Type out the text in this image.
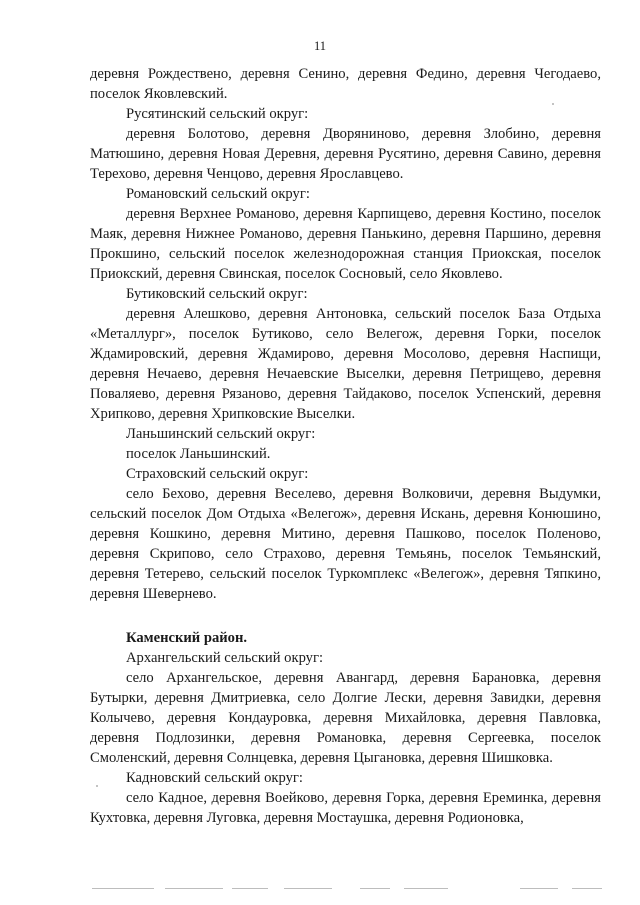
11

деревня Рождествено, деревня Сенино, деревня Федино, деревня Чегодаево, поселок Яковлевский.

Русятинский сельский округ:

деревня Болотово, деревня Дворяниново, деревня Злобино, деревня Матюшино, деревня Новая Деревня, деревня Русятино, деревня Савино, деревня Терехово, деревня Ченцово, деревня Ярославцево.

Романовский сельский округ:

деревня Верхнее Романово, деревня Карпищево, деревня Костино, поселок Маяк, деревня Нижнее Романово, деревня Панькино, деревня Паршино, деревня Прокшино, сельский поселок железнодорожная станция Приокская, поселок Приокский, деревня Свинская, поселок Сосновый, село Яковлево.

Бутиковский сельский округ:

деревня Алешково, деревня Антоновка, сельский поселок База Отдыха «Металлург», поселок Бутиково, село Велегож, деревня Горки, поселок Ждамировский, деревня Ждамирово, деревня Мосолово, деревня Наспищи, деревня Нечаево, деревня Нечаевские Выселки, деревня Петрищево, деревня Поваляево, деревня Рязаново, деревня Тайдаково, поселок Успенский, деревня Хрипково, деревня Хрипковские Выселки.

Ланьшинский сельский округ:

поселок Ланьшинский.

Страховский сельский округ:

село Бехово, деревня Веселево, деревня Волковичи, деревня Выдумки, сельский поселок Дом Отдыха «Велегож», деревня Искань, деревня Конюшино, деревня Кошкино, деревня Митино, деревня Пашково, поселок Поленово, деревня Скрипово, село Страхово, деревня Темьянь, поселок Темьянский, деревня Тетерево, сельский поселок Туркомплекс «Велегож», деревня Тяпкино, деревня Шевернево.

Каменский район.

Архангельский сельский округ:

село Архангельское, деревня Авангард, деревня Барановка, деревня Бутырки, деревня Дмитриевка, село Долгие Лески, деревня Завидки, деревня Колычево, деревня Кондауровка, деревня Михайловка, деревня Павловка, деревня Подлозинки, деревня Романовка, деревня Сергеевка, поселок Смоленский, деревня Солнцевка, деревня Цыгановка, деревня Шишковка.

Кадновский сельский округ:

село Кадное, деревня Воейково, деревня Горка, деревня Ереминка, деревня Кухтовка, деревня Луговка, деревня Мостаушка, деревня Родионовка,
